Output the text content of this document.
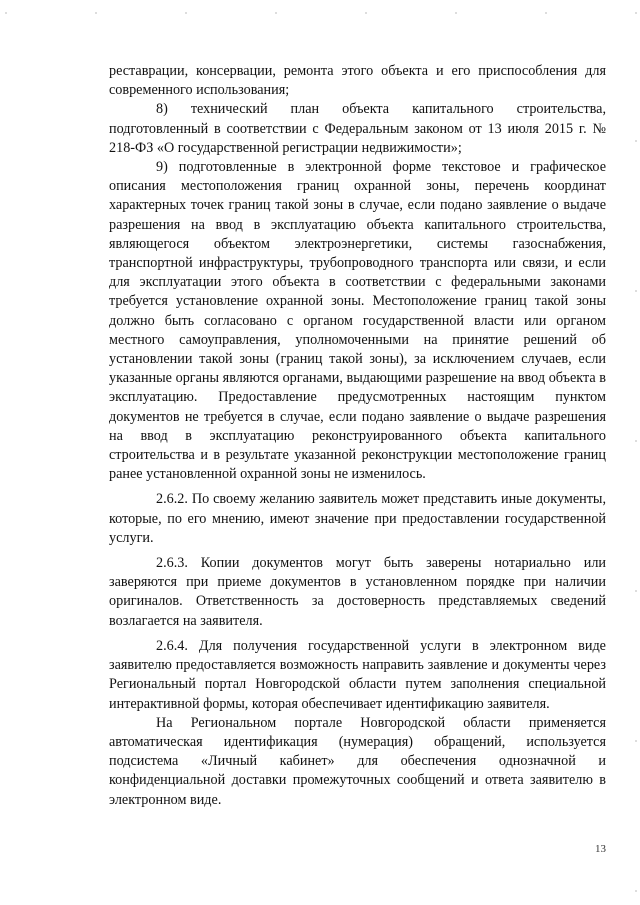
реставрации, консервации, ремонта этого объекта и его приспособления для современного использования;

8) технический план объекта капитального строительства, подготовленный в соответствии с Федеральным законом от 13 июля 2015 г. № 218-ФЗ «О государственной регистрации недвижимости»;

9) подготовленные в электронной форме текстовое и графическое описания местоположения границ охранной зоны, перечень координат характерных точек границ такой зоны в случае, если подано заявление о выдаче разрешения на ввод в эксплуатацию объекта капитального строительства, являющегося объектом электроэнергетики, системы газоснабжения, транспортной инфраструктуры, трубопроводного транспорта или связи, и если для эксплуатации этого объекта в соответствии с федеральными законами требуется установление охранной зоны. Местоположение границ такой зоны должно быть согласовано с органом государственной власти или органом местного самоуправления, уполномоченными на принятие решений об установлении такой зоны (границ такой зоны), за исключением случаев, если указанные органы являются органами, выдающими разрешение на ввод объекта в эксплуатацию. Предоставление предусмотренных настоящим пунктом документов не требуется в случае, если подано заявление о выдаче разрешения на ввод в эксплуатацию реконструированного объекта капитального строительства и в результате указанной реконструкции местоположение границ ранее установленной охранной зоны не изменилось.

2.6.2. По своему желанию заявитель может представить иные документы, которые, по его мнению, имеют значение при предоставлении государственной услуги.

2.6.3. Копии документов могут быть заверены нотариально или заверяются при приеме документов в установленном порядке при наличии оригиналов. Ответственность за достоверность представляемых сведений возлагается на заявителя.

2.6.4. Для получения государственной услуги в электронном виде заявителю предоставляется возможность направить заявление и документы через Региональный портал Новгородской области путем заполнения специальной интерактивной формы, которая обеспечивает идентификацию заявителя.

На Региональном портале Новгородской области применяется автоматическая идентификация (нумерация) обращений, используется подсистема «Личный кабинет» для обеспечения однозначной и конфиденциальной доставки промежуточных сообщений и ответа заявителю в электронном виде.

13
